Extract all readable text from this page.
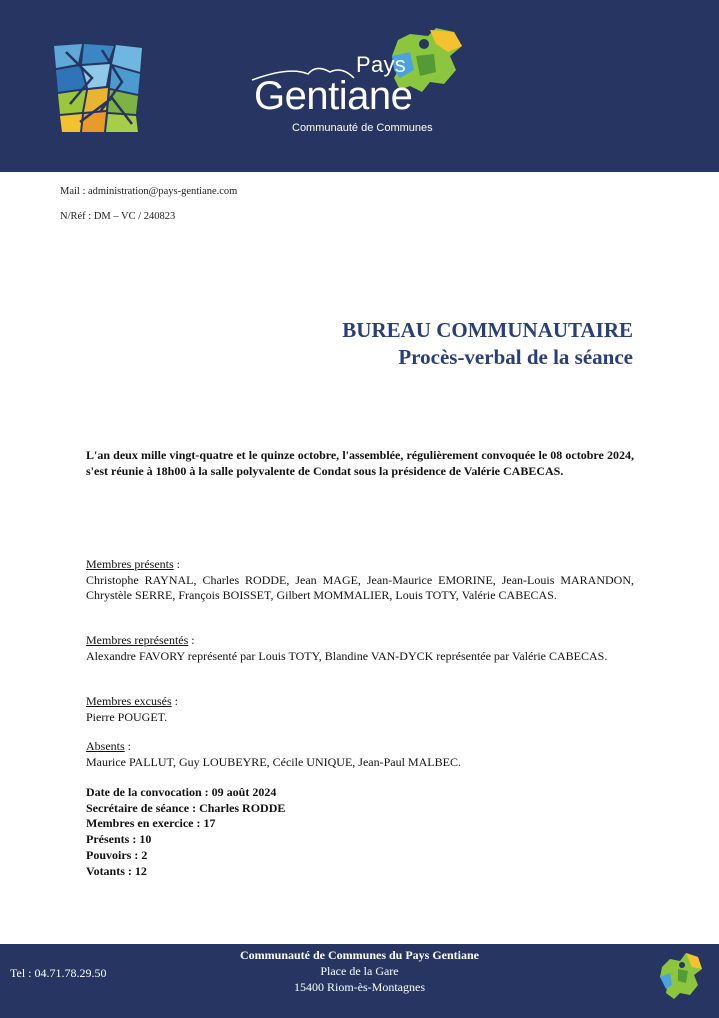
Pays
Gentiane
Communauté de Communes
Mail : administration@pays-gentiane.com
N/Réf : DM – VC / 240823
BUREAU COMMUNAUTAIRE
Procès-verbal de la séance
L'an deux mille vingt-quatre et le quinze octobre, l'assemblée, régulièrement convoquée le 08 octobre 2024, s'est réunie à 18h00 à la salle polyvalente de Condat sous la présidence de Valérie CABECAS.
Membres présents :
Christophe RAYNAL, Charles RODDE, Jean MAGE, Jean-Maurice EMORINE, Jean-Louis MARANDON, Chrystèle SERRE, François BOISSET, Gilbert MOMMALIER, Louis TOTY, Valérie CABECAS.
Membres représentés :
Alexandre FAVORY représenté par Louis TOTY, Blandine VAN-DYCK représentée par Valérie CABECAS.
Membres excusés :
Pierre POUGET.
Absents :
Maurice PALLUT, Guy LOUBEYRE, Cécile UNIQUE, Jean-Paul MALBEC.
Date de la convocation : 09 août 2024
Secrétaire de séance : Charles RODDE
Membres en exercice : 17
Présents : 10
Pouvoirs : 2
Votants : 12
Communauté de Communes du Pays Gentiane
Place de la Gare
15400 Riom-ès-Montagnes
Tel : 04.71.78.29.50
